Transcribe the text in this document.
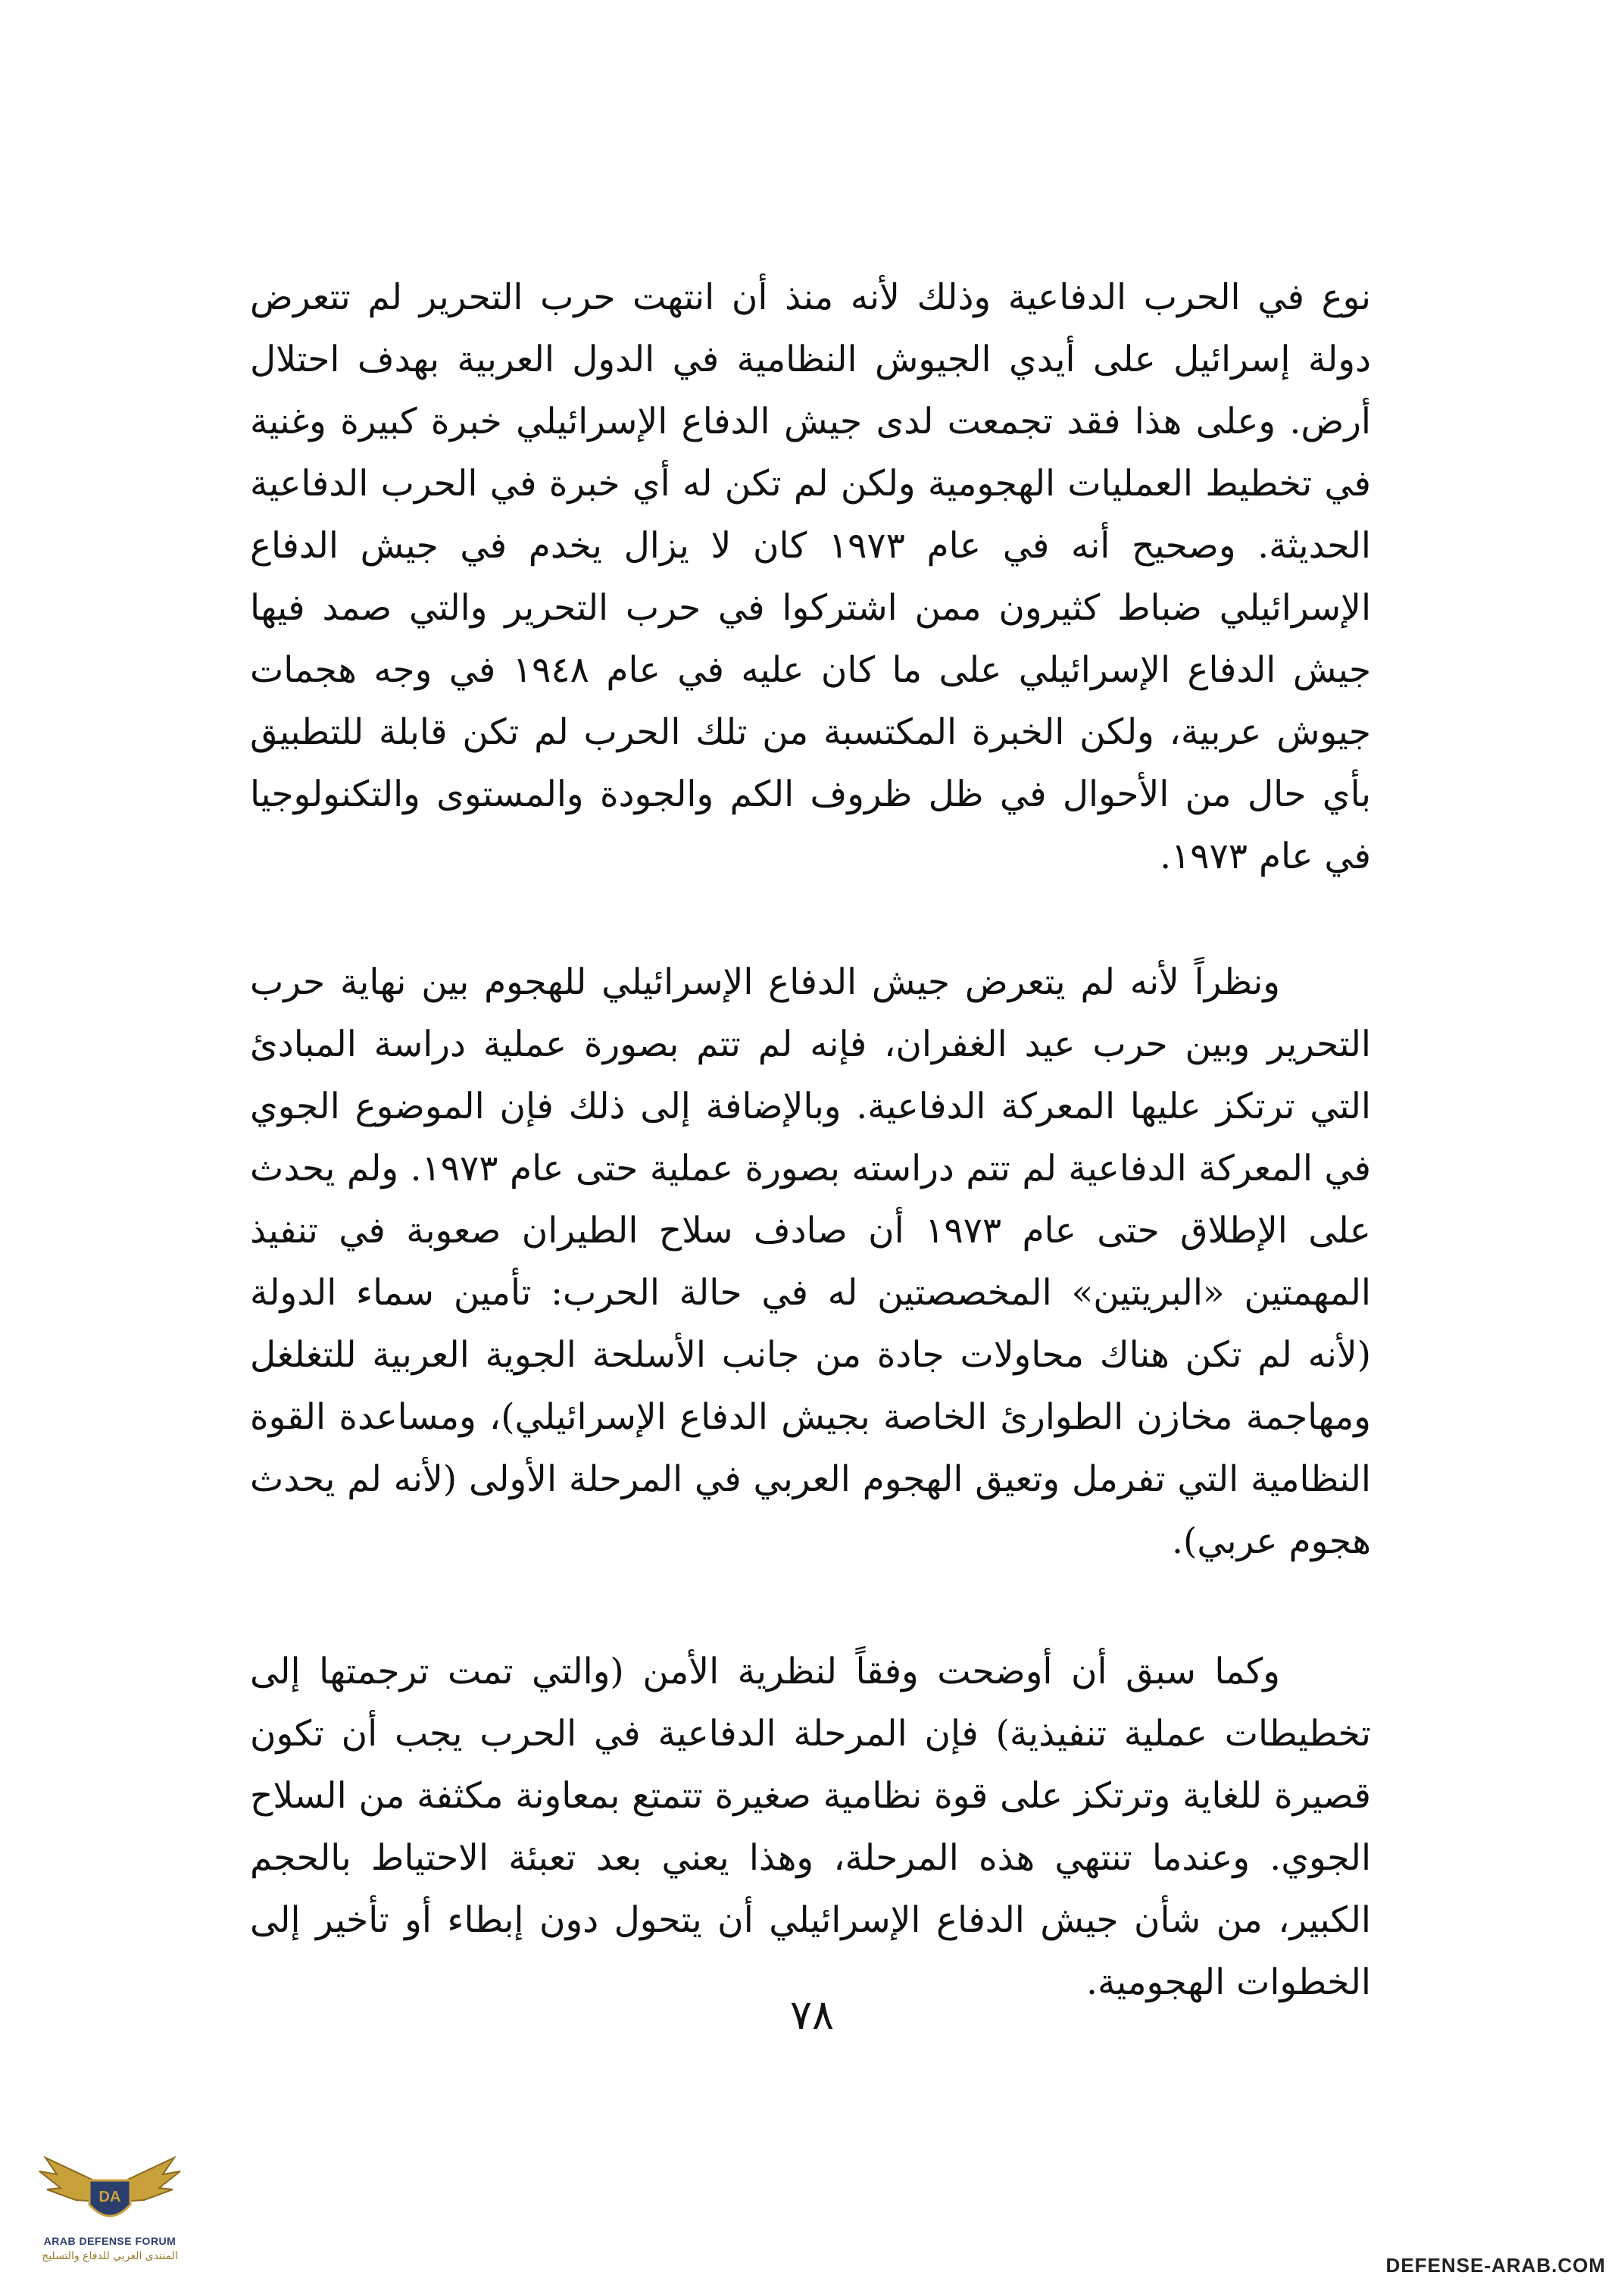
نوع في الحرب الدفاعية وذلك لأنه منذ أن انتهت حرب التحرير لم تتعرض دولة إسرائيل على أيدي الجيوش النظامية في الدول العربية بهدف احتلال أرض. وعلى هذا فقد تجمعت لدى جيش الدفاع الإسرائيلي خبرة كبيرة وغنية في تخطيط العمليات الهجومية ولكن لم تكن له أي خبرة في الحرب الدفاعية الحديثة. وصحيح أنه في عام ١٩٧٣ كان لا يزال يخدم في جيش الدفاع الإسرائيلي ضباط كثيرون ممن اشتركوا في حرب التحرير والتي صمد فيها جيش الدفاع الإسرائيلي على ما كان عليه في عام ١٩٤٨ في وجه هجمات جيوش عربية، ولكن الخبرة المكتسبة من تلك الحرب لم تكن قابلة للتطبيق بأي حال من الأحوال في ظل ظروف الكم والجودة والمستوى والتكنولوجيا في عام ١٩٧٣.

ونظراً لأنه لم يتعرض جيش الدفاع الإسرائيلي للهجوم بين نهاية حرب التحرير وبين حرب عيد الغفران، فإنه لم تتم بصورة عملية دراسة المبادئ التي ترتكز عليها المعركة الدفاعية. وبالإضافة إلى ذلك فإن الموضوع الجوي في المعركة الدفاعية لم تتم دراسته بصورة عملية حتى عام ١٩٧٣. ولم يحدث على الإطلاق حتى عام ١٩٧٣ أن صادف سلاح الطيران صعوبة في تنفيذ المهمتين «البريتين» المخصصتين له في حالة الحرب: تأمين سماء الدولة (لأنه لم تكن هناك محاولات جادة من جانب الأسلحة الجوية العربية للتغلغل ومهاجمة مخازن الطوارئ الخاصة بجيش الدفاع الإسرائيلي)، ومساعدة القوة النظامية التي تفرمل وتعيق الهجوم العربي في المرحلة الأولى (لأنه لم يحدث هجوم عربي).

وكما سبق أن أوضحت وفقاً لنظرية الأمن (والتي تمت ترجمتها إلى تخطيطات عملية تنفيذية) فإن المرحلة الدفاعية في الحرب يجب أن تكون قصيرة للغاية وترتكز على قوة نظامية صغيرة تتمتع بمعاونة مكثفة من السلاح الجوي. وعندما تنتهي هذه المرحلة، وهذا يعني بعد تعبئة الاحتياط بالحجم الكبير، من شأن جيش الدفاع الإسرائيلي أن يتحول دون إبطاء أو تأخير إلى الخطوات الهجومية.

٧٨
DA
ARAB DEFENSE FORUM
المنتدى العربي للدفاع والتسليح	DEFENSE-ARAB.COM
